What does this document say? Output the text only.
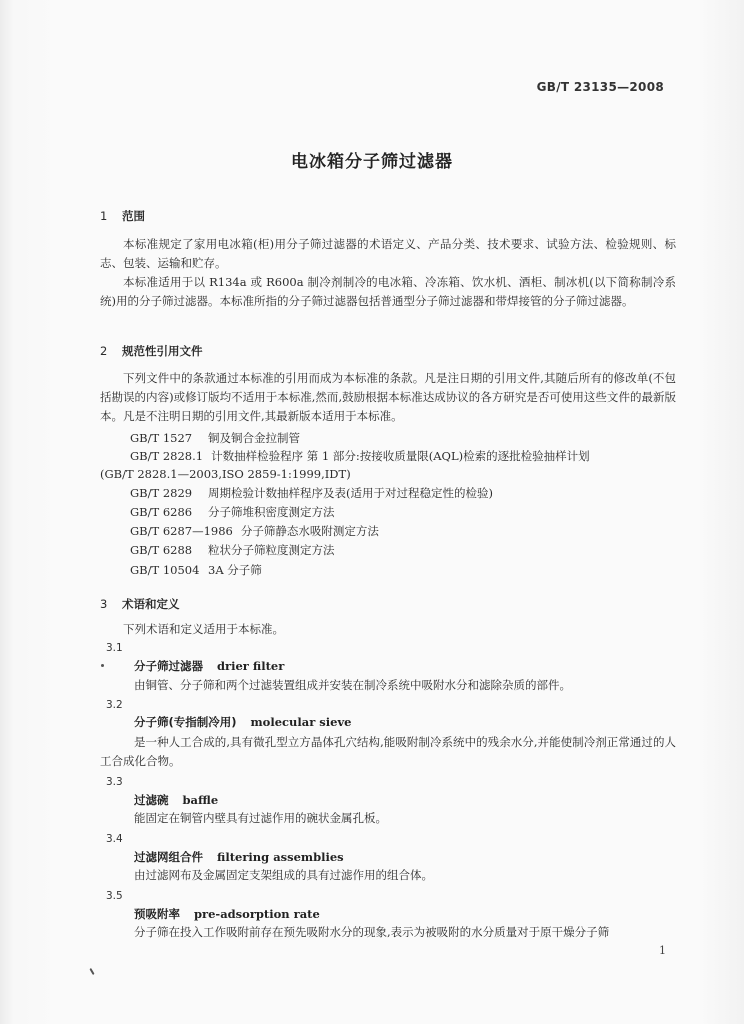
GB/T 23135—2008
电冰箱分子筛过滤器
1 范围
本标准规定了家用电冰箱(柜)用分子筛过滤器的术语定义、产品分类、技术要求、试验方法、检验规则、标志、包装、运输和贮存。
本标准适用于以 R134a 或 R600a 制冷剂制冷的电冰箱、冷冻箱、饮水机、酒柜、制冰机(以下简称制冷系统)用的分子筛过滤器。本标准所指的分子筛过滤器包括普通型分子筛过滤器和带焊接管的分子筛过滤器。
2 规范性引用文件
下列文件中的条款通过本标准的引用而成为本标准的条款。凡是注日期的引用文件,其随后所有的修改单(不包括勘误的内容)或修订版均不适用于本标准,然而,鼓励根据本标准达成协议的各方研究是否可使用这些文件的最新版本。凡是不注明日期的引用文件,其最新版本适用于本标准。
GB/T 1527 铜及铜合金拉制管
GB/T 2828.1 计数抽样检验程序 第 1 部分:按接收质量限(AQL)检索的逐批检验抽样计划
(GB/T 2828.1—2003,ISO 2859-1:1999,IDT)
GB/T 2829 周期检验计数抽样程序及表(适用于对过程稳定性的检验)
GB/T 6286 分子筛堆积密度测定方法
GB/T 6287—1986 分子筛静态水吸附测定方法
GB/T 6288 粒状分子筛粒度测定方法
GB/T 10504 3A 分子筛
3 术语和定义
下列术语和定义适用于本标准。
3.1
分子筛过滤器 drier filter
由铜管、分子筛和两个过滤装置组成并安装在制冷系统中吸附水分和滤除杂质的部件。
3.2
分子筛(专指制冷用) molecular sieve
是一种人工合成的,具有微孔型立方晶体孔穴结构,能吸附制冷系统中的残余水分,并能使制冷剂正常通过的人工合成化合物。
3.3
过滤碗 baffle
能固定在铜管内壁具有过滤作用的碗状金属孔板。
3.4
过滤网组合件 filtering assemblies
由过滤网布及金属固定支架组成的具有过滤作用的组合体。
3.5
预吸附率 pre-adsorption rate
分子筛在投入工作吸附前存在预先吸附水分的现象,表示为被吸附的水分质量对于原干燥分子筛
1
